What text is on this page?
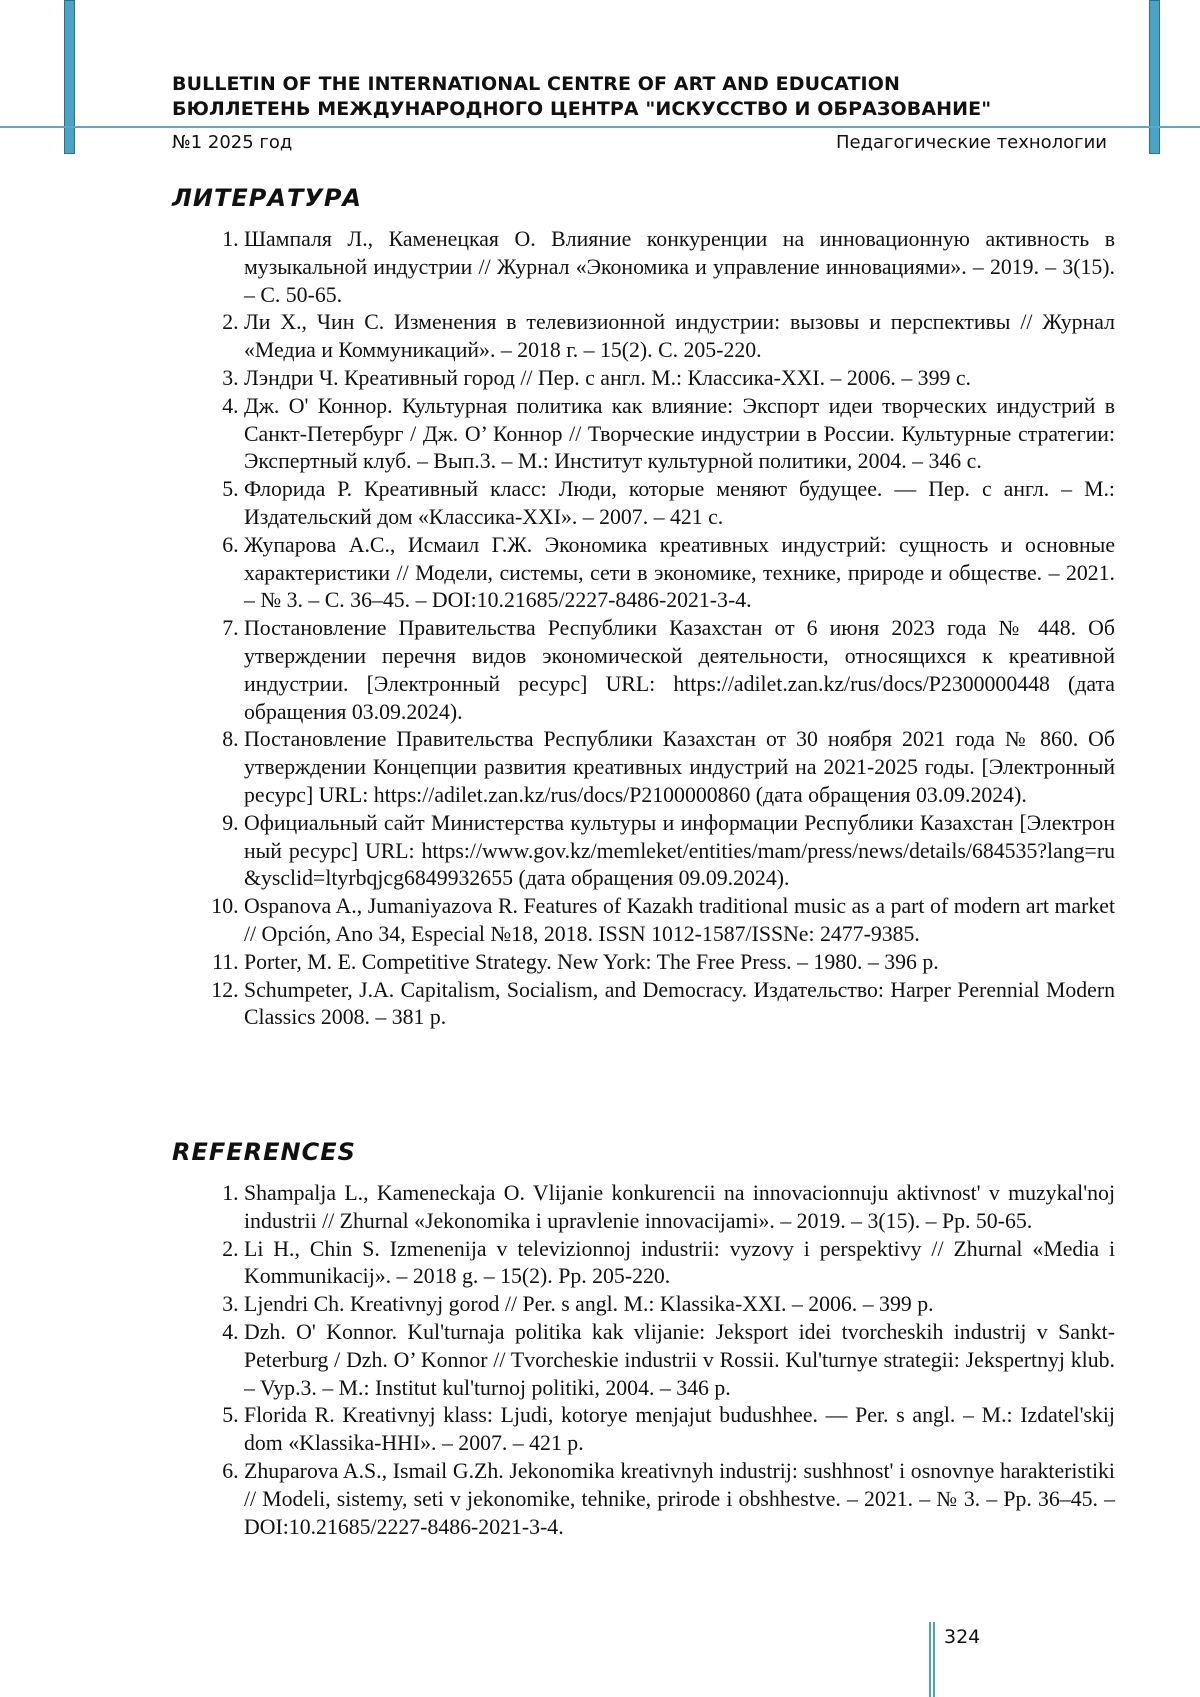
BULLETIN OF THE INTERNATIONAL CENTRE OF ART AND EDUCATION
БЮЛЛЕТЕНЬ МЕЖДУНАРОДНОГО ЦЕНТРА "ИСКУССТВО И ОБРАЗОВАНИЕ"
№1 2025 год	Педагогические технологии
ЛИТЕРАТУРА
1. Шампаля Л., Каменецкая О. Влияние конкуренции на инновационную активность в музыкальной индустрии // Журнал «Экономика и управление инновациями». – 2019. – 3(15). – С. 50-65.
2. Ли Х., Чин С. Изменения в телевизионной индустрии: вызовы и перспективы // Журнал «Медиа и Коммуникаций». – 2018 г. – 15(2). С. 205-220.
3. Лэндри Ч. Креативный город // Пер. с англ. М.: Классика-XXI. – 2006. – 399 с.
4. Дж. О' Коннор. Культурная политика как влияние: Экспорт идеи творческих индустрий в Санкт-Петербург / Дж. О’ Коннор // Творческие индустрии в России. Культурные стратегии: Экспертный клуб. – Вып.3. – М.: Институт культурной политики, 2004. – 346 с.
5. Флорида Р. Креативный класс: Люди, которые меняют будущее. — Пер. с англ. – М.: Издательский дом «Классика-XXI». – 2007. – 421 с.
6. Жупарова А.С., Исмаил Г.Ж. Экономика креативных индустрий: сущность и основные характеристики // Модели, системы, сети в экономике, технике, природе и обществе. – 2021. – № 3. – С. 36–45. – DOI:10.21685/2227-8486-2021-3-4.
7. Постановление Правительства Республики Казахстан от 6 июня 2023 года № 448. Об утверждении перечня видов экономической деятельности, относящихся к креативной индустрии. [Электронный ресурс] URL: https://adilet.zan.kz/rus/docs/P2300000448 (дата обращения 03.09.2024).
8. Постановление Правительства Республики Казахстан от 30 ноября 2021 года № 860. Об утверждении Концепции развития креативных индустрий на 2021-2025 годы. [Электронный ресурс] URL: https://adilet.zan.kz/rus/docs/P2100000860 (дата обращения 03.09.2024).
9. Официальный сайт Министерства культуры и информации Республики Казахстан [Электронный ресурс] URL: https://www.gov.kz/memleket/entities/mam/press/news/details/684535?lang=ru&ysclid=ltyrbqjcg6849932655 (дата обращения 09.09.2024).
10. Ospanova A., Jumaniyazova R. Features of Kazakh traditional music as a part of modern art market // Opción, Ano 34, Especial №18, 2018. ISSN 1012-1587/ISSNe: 2477-9385.
11. Porter, M. E. Competitive Strategy. New York: The Free Press. – 1980. – 396 p.
12. Schumpeter, J.A. Capitalism, Socialism, and Democracy. Издательство: Harper Perennial Modern Classics 2008. – 381 p.
REFERENCES
1. Shampalja L., Kameneckaja O. Vlijanie konkurencii na innovacionnuju aktivnost' v muzykal'noj industrii // Zhurnal «Jekonomika i upravlenie innovacijami». – 2019. – 3(15). – Pp. 50-65.
2. Li H., Chin S. Izmenenija v televizionnoj industrii: vyzovy i perspektivy // Zhurnal «Media i Kommunikacij». – 2018 g. – 15(2). Pp. 205-220.
3. Ljendri Ch. Kreativnyj gorod // Per. s angl. M.: Klassika-XXI. – 2006. – 399 p.
4. Dzh. O' Konnor. Kul'turnaja politika kak vlijanie: Jeksport idei tvorcheskih industrij v Sankt-Peterburg / Dzh. O’ Konnor // Tvorcheskie industrii v Rossii. Kul'turnye strategii: Jekspertnyj klub. – Vyp.3. – M.: Institut kul'turnoj politiki, 2004. – 346 p.
5. Florida R. Kreativnyj klass: Ljudi, kotorye menjajut budushhee. — Per. s angl. – M.: Izdatel'skij dom «Klassika-HHI». – 2007. – 421 p.
6. Zhuparova A.S., Ismail G.Zh. Jekonomika kreativnyh industrij: sushhnost' i osnovnye harakteristiki // Modeli, sistemy, seti v jekonomike, tehnike, prirode i obshhestve. – 2021. – № 3. – Pp. 36–45. – DOI:10.21685/2227-8486-2021-3-4.
324
